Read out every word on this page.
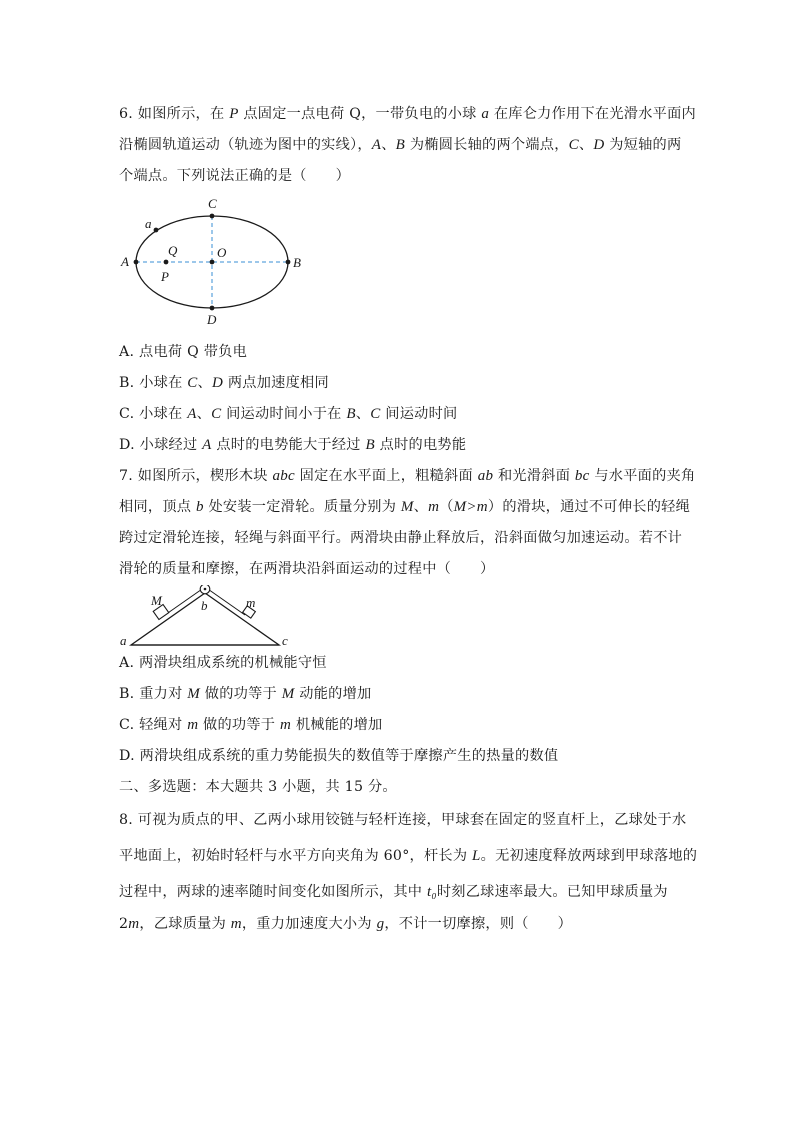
6. 如图所示，在 P 点固定一点电荷 Q，一带负电的小球 a 在库仑力作用下在光滑水平面内
沿椭圆轨道运动（轨迹为图中的实线），A、B 为椭圆长轴的两个端点，C、D 为短轴的两
个端点。下列说法正确的是（　　）
A	B
C
D
O
Q
P
a
A. 点电荷 Q 带负电
B. 小球在 C、D 两点加速度相同
C. 小球在 A、C 间运动时间小于在 B、C 间运动时间
D. 小球经过 A 点时的电势能大于经过 B 点时的电势能
7. 如图所示，楔形木块 abc 固定在水平面上，粗糙斜面 ab 和光滑斜面 bc 与水平面的夹角
相同，顶点 b 处安装一定滑轮。质量分别为 M、m（M>m）的滑块，通过不可伸长的轻绳
跨过定滑轮连接，轻绳与斜面平行。两滑块由静止释放后，沿斜面做匀加速运动。若不计
滑轮的质量和摩擦，在两滑块沿斜面运动的过程中（　　）
M	m
a
b
c
A. 两滑块组成系统的机械能守恒
B. 重力对 M 做的功等于 M 动能的增加
C. 轻绳对 m 做的功等于 m 机械能的增加
D. 两滑块组成系统的重力势能损失的数值等于摩擦产生的热量的数值
二、多选题：本大题共 3 小题，共 15 分。
8. 可视为质点的甲、乙两小球用铰链与轻杆连接，甲球套在固定的竖直杆上，乙球处于水
平地面上，初始时轻杆与水平方向夹角为 60°，杆长为 L。无初速度释放两球到甲球落地的
过程中，两球的速率随时间变化如图所示，其中 t₀时刻乙球速率最大。已知甲球质量为
2m，乙球质量为 m，重力加速度大小为 g，不计一切摩擦，则（　　）
